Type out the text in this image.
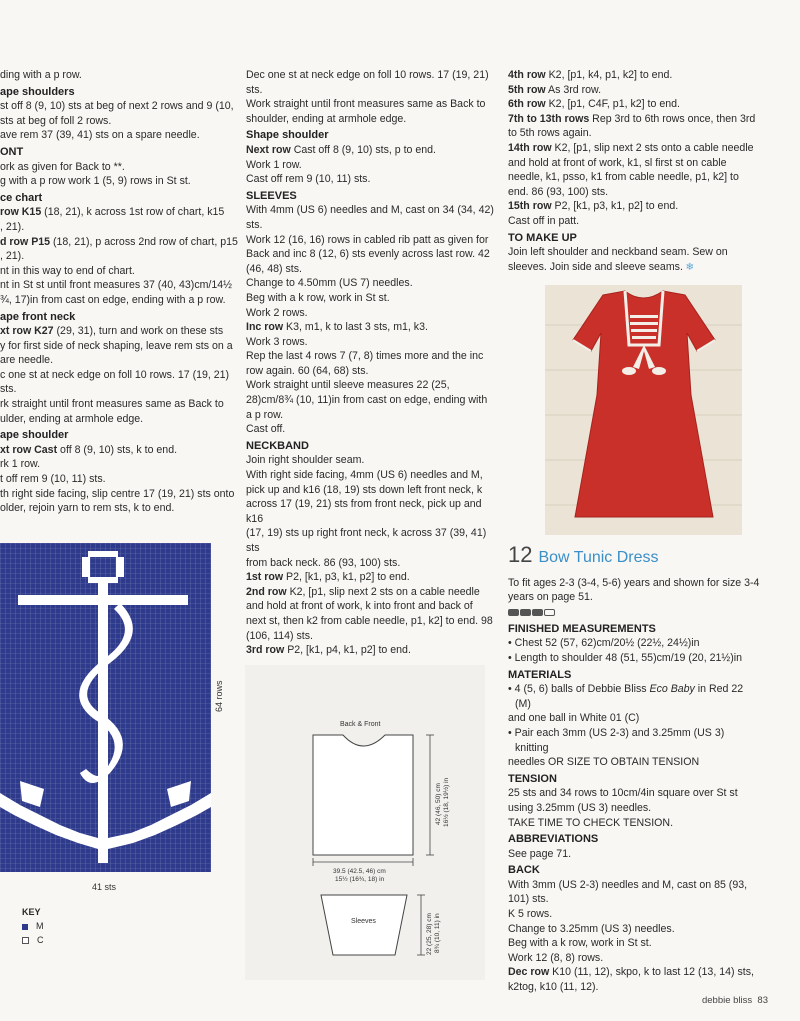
ding with a p row.

ape shoulders

st off 8 (9, 10) sts at beg of next 2 rows and 9 (10,

sts at beg of foll 2 rows.

ave rem 37 (39, 41) sts on a spare needle.

ONT

ork as given for Back to **.

g with a p row work 1 (5, 9) rows in St st.

ce chart

row K15 (18, 21), k across 1st row of chart, k15

, 21).

d row P15 (18, 21), p across 2nd row of chart, p15

, 21).

nt in this way to end of chart.

nt in St st until front measures 37 (40, 43)cm/14½

¾, 17)in from cast on edge, ending with a p row.

ape front neck

xt row K27 (29, 31), turn and work on these sts

y for first side of neck shaping, leave rem sts on a

are needle.

c one st at neck edge on foll 10 rows. 17 (19, 21) sts.

rk straight until front measures same as Back to

ulder, ending at armhole edge.

ape shoulder

xt row Cast off 8 (9, 10) sts, k to end.

rk 1 row.

t off rem 9 (10, 11) sts.

th right side facing, slip centre 17 (19, 21) sts onto

older, rejoin yarn to rem sts, k to end.

Dec one st at neck edge on foll 10 rows. 17 (19, 21)

sts.

Work straight until front measures same as Back to

shoulder, ending at armhole edge.

Shape shoulder

Next row Cast off 8 (9, 10) sts, p to end.

Work 1 row.

Cast off rem 9 (10, 11) sts.

SLEEVES

With 4mm (US 6) needles and M, cast on 34 (34, 42) sts.

Work 12 (16, 16) rows in cabled rib patt as given for

Back and inc 8 (12, 6) sts evenly across last row. 42

(46, 48) sts.

Change to 4.50mm (US 7) needles.

Beg with a k row, work in St st.

Work 2 rows.

Inc row K3, m1, k to last 3 sts, m1, k3.

Work 3 rows.

Rep the last 4 rows 7 (7, 8) times more and the inc

row again. 60 (64, 68) sts.

Work straight until sleeve measures 22 (25,

28)cm/8¾ (10, 11)in from cast on edge, ending with

a p row.

Cast off.

NECKBAND

Join right shoulder seam.

With right side facing, 4mm (US 6) needles and M,

pick up and k16 (18, 19) sts down left front neck, k

across 17 (19, 21) sts from front neck, pick up and k16

(17, 19) sts up right front neck, k across 37 (39, 41) sts

from back neck. 86 (93, 100) sts.

1st row P2, [k1, p3, k1, p2] to end.

2nd row K2, [p1, slip next 2 sts on a cable needle

and hold at front of work, k into front and back of

next st, then k2 from cable needle, p1, k2] to end. 98

(106, 114) sts.

3rd row P2, [k1, p4, k1, p2] to end.

4th row K2, [p1, k4, p1, k2] to end.

5th row As 3rd row.

6th row K2, [p1, C4F, p1, k2] to end.

7th to 13th rows Rep 3rd to 6th rows once, then 3rd

to 5th rows again.

14th row K2, [p1, slip next 2 sts onto a cable needle

and hold at front of work, k1, sl first st on cable

needle, k1, psso, k1 from cable needle, p1, k2] to

end. 86 (93, 100) sts.

15th row P2, [k1, p3, k1, p2] to end.

Cast off in patt.

TO MAKE UP

Join left shoulder and neckband seam. Sew on

sleeves. Join side and sleeve seams. ❄

12 Bow Tunic Dress

To fit ages 2-3 (3-4, 5-6) years and shown for size 3-4

years on page 51.

FINISHED MEASUREMENTS

• Chest 52 (57, 62)cm/20½ (22½, 24½)in

• Length to shoulder 48 (51, 55)cm/19 (20, 21½)in

MATERIALS

• 4 (5, 6) balls of Debbie Bliss Eco Baby in Red 22 (M)

and one ball in White 01 (C)

• Pair each 3mm (US 2-3) and 3.25mm (US 3) knitting

needles OR SIZE TO OBTAIN TENSION

TENSION

25 sts and 34 rows to 10cm/4in square over St st

using 3.25mm (US 3) needles.

TAKE TIME TO CHECK TENSION.

ABBREVIATIONS

See page 71.

BACK

With 3mm (US 2-3) needles and M, cast on 85 (93,

101) sts.

K 5 rows.

Change to 3.25mm (US 3) needles.

Beg with a k row, work in St st.

Work 12 (8, 8) rows.

Dec row K10 (11, 12), skpo, k to last 12 (13, 14) sts,

k2tog, k10 (11, 12).

64 rows
41 sts
KEY
M
C
Back & Front
Sleeves
39.5 (42.5, 46) cm
15½ (16¾, 18) in
42 (46, 50) cm 16½ (18, 19½) in
22 (25, 28) cm 8¾ (10, 11) in
debbie bliss 83
